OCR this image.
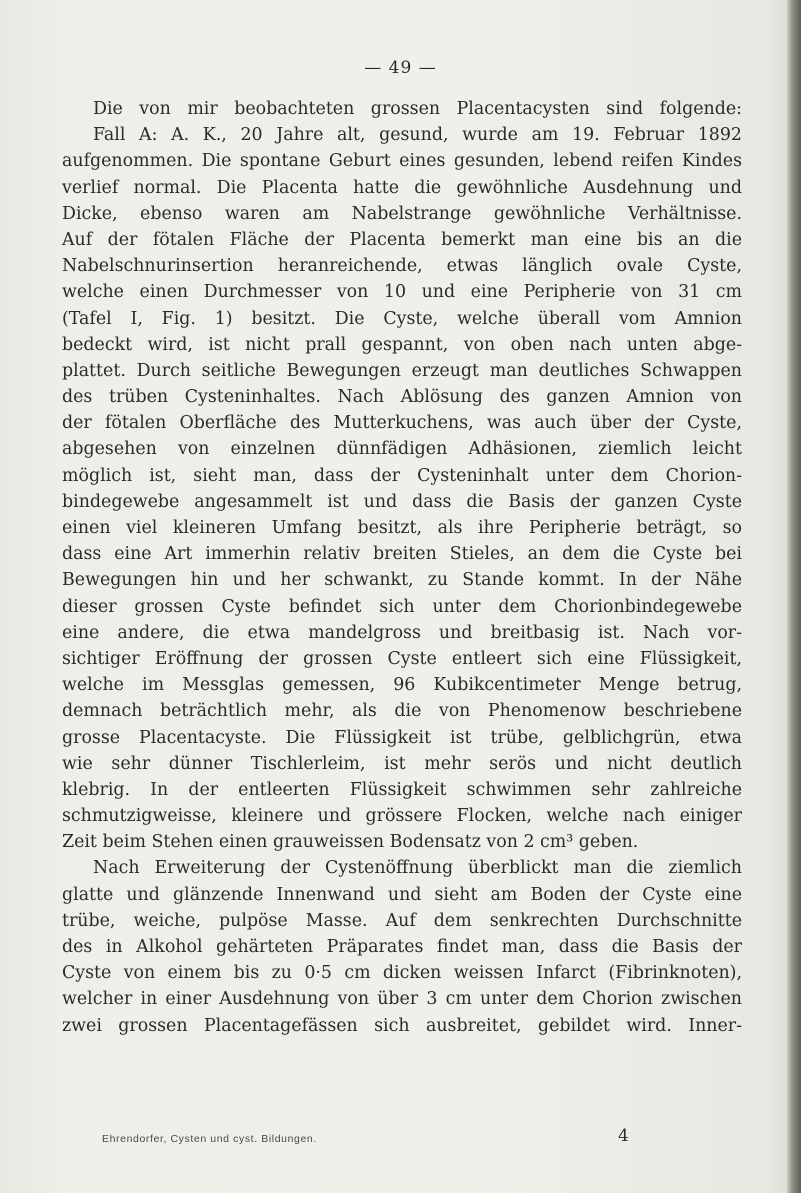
— 49 —
Die von mir beobachteten grossen Placentacysten sind folgende:
Fall A: A. K., 20 Jahre alt, gesund, wurde am 19. Februar 1892
aufgenommen. Die spontane Geburt eines gesunden, lebend reifen Kindes
verlief normal. Die Placenta hatte die gewöhnliche Ausdehnung und
Dicke, ebenso waren am Nabelstrange gewöhnliche Verhältnisse.
Auf der fötalen Fläche der Placenta bemerkt man eine bis an die
Nabelschnurinsertion heranreichende, etwas länglich ovale Cyste,
welche einen Durchmesser von 10 und eine Peripherie von 31 cm
(Tafel I, Fig. 1) besitzt. Die Cyste, welche überall vom Amnion
bedeckt wird, ist nicht prall gespannt, von oben nach unten abge-
plattet. Durch seitliche Bewegungen erzeugt man deutliches Schwappen
des trüben Cysteninhaltes. Nach Ablösung des ganzen Amnion von
der fötalen Oberfläche des Mutterkuchens, was auch über der Cyste,
abgesehen von einzelnen dünnfädigen Adhäsionen, ziemlich leicht
möglich ist, sieht man, dass der Cysteninhalt unter dem Chorion-
bindegewebe angesammelt ist und dass die Basis der ganzen Cyste
einen viel kleineren Umfang besitzt, als ihre Peripherie beträgt, so
dass eine Art immerhin relativ breiten Stieles, an dem die Cyste bei
Bewegungen hin und her schwankt, zu Stande kommt. In der Nähe
dieser grossen Cyste befindet sich unter dem Chorionbindegewebe
eine andere, die etwa mandelgross und breitbasig ist. Nach vor-
sichtiger Eröffnung der grossen Cyste entleert sich eine Flüssigkeit,
welche im Messglas gemessen, 96 Kubikcentimeter Menge betrug,
demnach beträchtlich mehr, als die von Phenomenow beschriebene
grosse Placentacyste. Die Flüssigkeit ist trübe, gelblichgrün, etwa
wie sehr dünner Tischlerleim, ist mehr serös und nicht deutlich
klebrig. In der entleerten Flüssigkeit schwimmen sehr zahlreiche
schmutzigweisse, kleinere und grössere Flocken, welche nach einiger
Zeit beim Stehen einen grauweissen Bodensatz von 2 cm³ geben.
Nach Erweiterung der Cystenöffnung überblickt man die ziemlich
glatte und glänzende Innenwand und sieht am Boden der Cyste eine
trübe, weiche, pulpöse Masse. Auf dem senkrechten Durchschnitte
des in Alkohol gehärteten Präparates findet man, dass die Basis der
Cyste von einem bis zu 0·5 cm dicken weissen Infarct (Fibrinknoten),
welcher in einer Ausdehnung von über 3 cm unter dem Chorion zwischen
zwei grossen Placentagefässen sich ausbreitet, gebildet wird. Inner-
Ehrendorfer, Cysten und cyst. Bildungen.	4
